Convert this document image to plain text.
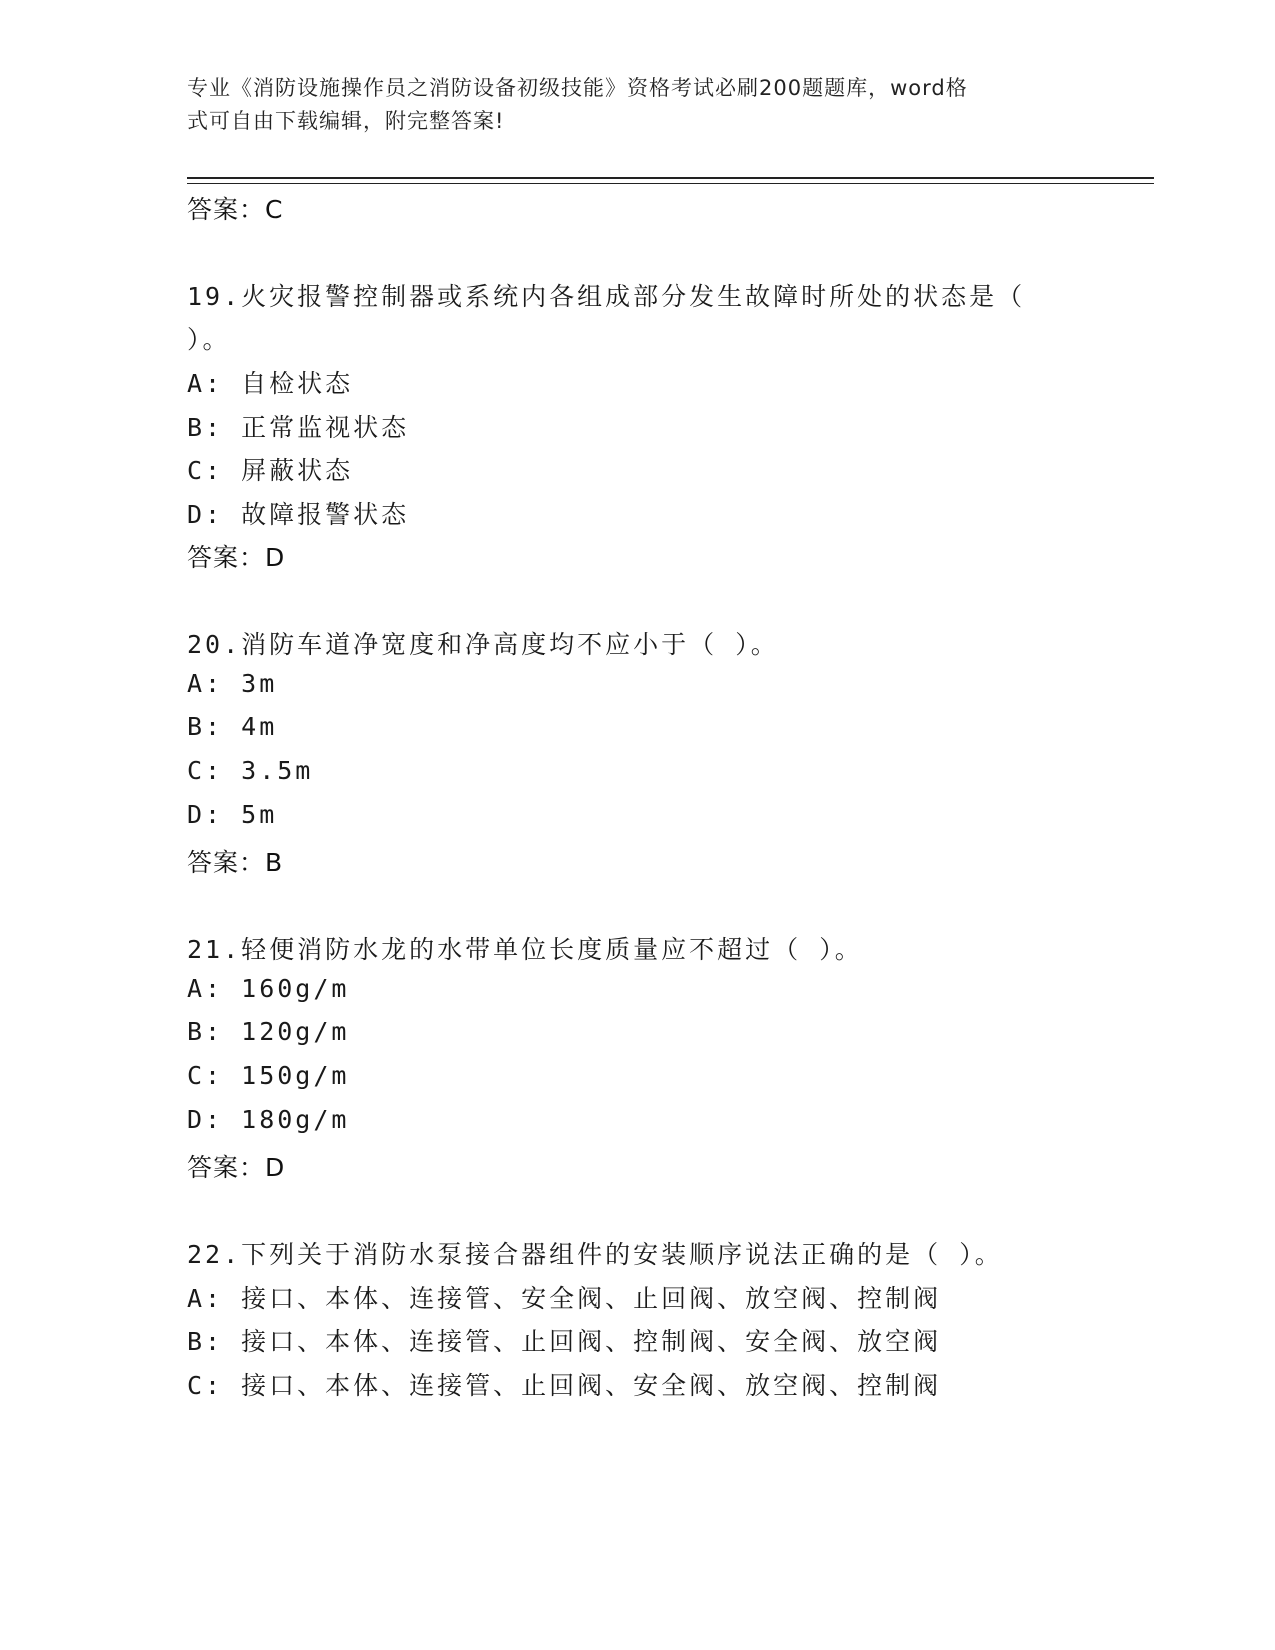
专业《消防设施操作员之消防设备初级技能》资格考试必刷200题题库，word格
式可自由下载编辑，附完整答案!
答案：C
19.火灾报警控制器或系统内各组成部分发生故障时所处的状态是（
）。
A: 自检状态
B: 正常监视状态
C: 屏蔽状态
D: 故障报警状态
答案：D
20.消防车道净宽度和净高度均不应小于（ ）。
A: 3m
B: 4m
C: 3.5m
D: 5m
答案：B
21.轻便消防水龙的水带单位长度质量应不超过（ ）。
A: 160g/m
B: 120g/m
C: 150g/m
D: 180g/m
答案：D
22.下列关于消防水泵接合器组件的安装顺序说法正确的是（ ）。
A: 接口、本体、连接管、安全阀、止回阀、放空阀、控制阀
B: 接口、本体、连接管、止回阀、控制阀、安全阀、放空阀
C: 接口、本体、连接管、止回阀、安全阀、放空阀、控制阀
